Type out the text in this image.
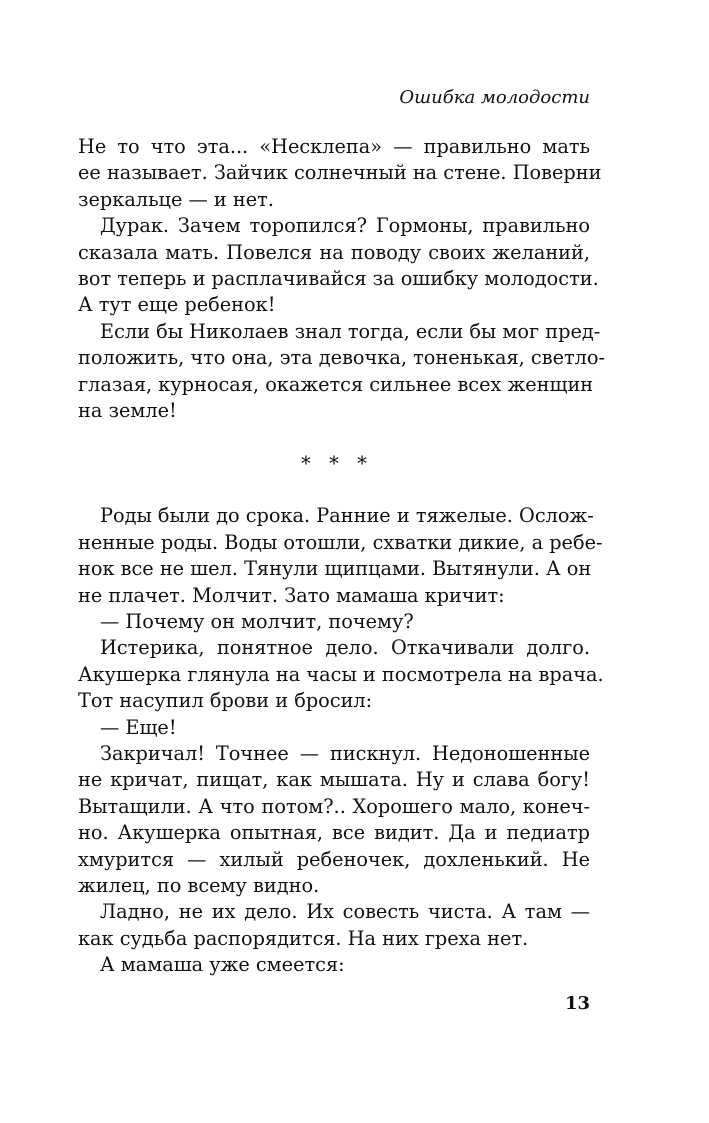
Ошибка молодости
Не то что эта... «Несклепа» — правильно мать
ее называет. Зайчик солнечный на стене. Поверни
зеркальце — и нет.
Дурак. Зачем торопился? Гормоны, правильно
сказала мать. Повелся на поводу своих желаний,
вот теперь и расплачивайся за ошибку молодости.
А тут еще ребенок!
Если бы Николаев знал тогда, если бы мог пред-
положить, что она, эта девочка, тоненькая, светло-
глазая, курносая, окажется сильнее всех женщин
на земле!
*   *   *
Роды были до срока. Ранние и тяжелые. Ослож-
ненные роды. Воды отошли, схватки дикие, а ребе-
нок все не шел. Тянули щипцами. Вытянули. А он
не плачет. Молчит. Зато мамаша кричит:
— Почему он молчит, почему?
Истерика, понятное дело. Откачивали долго.
Акушерка глянула на часы и посмотрела на врача.
Тот насупил брови и бросил:
— Еще!
Закричал! Точнее — пискнул. Недоношенные
не кричат, пищат, как мышата. Ну и слава богу!
Вытащили. А что потом?.. Хорошего мало, конеч-
но. Акушерка опытная, все видит. Да и педиатр
хмурится — хилый ребеночек, дохленький. Не
жилец, по всему видно.
Ладно, не их дело. Их совесть чиста. А там —
как судьба распорядится. На них греха нет.
А мамаша уже смеется:
13
